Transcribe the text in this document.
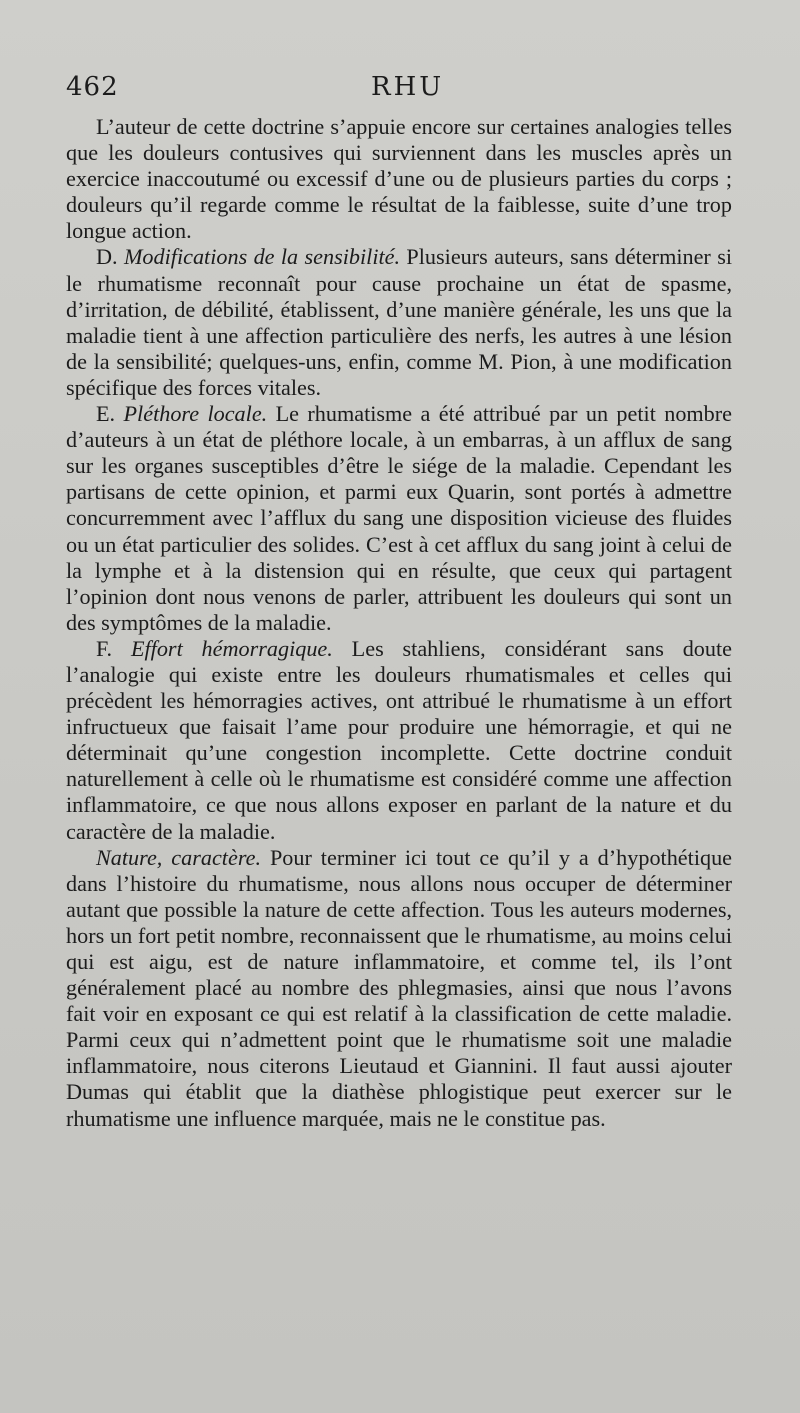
462	RHU

L’auteur de cette doctrine s’appuie encore sur certaines analogies telles que les douleurs contusives qui surviennent dans les muscles après un exercice inaccoutumé ou excessif d’une ou de plusieurs parties du corps ; douleurs qu’il regarde comme le résultat de la faiblesse, suite d’une trop longue action.

D. Modifications de la sensibilité. Plusieurs auteurs, sans déterminer si le rhumatisme reconnaît pour cause prochaine un état de spasme, d’irritation, de débilité, établissent, d’une manière générale, les uns que la maladie tient à une affection particulière des nerfs, les autres à une lésion de la sensibilité; quelques-uns, enfin, comme M. Pion, à une modification spécifique des forces vitales.

E. Pléthore locale. Le rhumatisme a été attribué par un petit nombre d’auteurs à un état de pléthore locale, à un embarras, à un afflux de sang sur les organes susceptibles d’être le siége de la maladie. Cependant les partisans de cette opinion, et parmi eux Quarin, sont portés à admettre concurremment avec l’afflux du sang une disposition vicieuse des fluides ou un état particulier des solides. C’est à cet afflux du sang joint à celui de la lymphe et à la distension qui en résulte, que ceux qui partagent l’opinion dont nous venons de parler, attribuent les douleurs qui sont un des symptômes de la maladie.

F. Effort hémorragique. Les stahliens, considérant sans doute l’analogie qui existe entre les douleurs rhumatismales et celles qui précèdent les hémorragies actives, ont attribué le rhumatisme à un effort infructueux que faisait l’ame pour produire une hémorragie, et qui ne déterminait qu’une congestion incomplette. Cette doctrine conduit naturellement à celle où le rhumatisme est considéré comme une affection inflammatoire, ce que nous allons exposer en parlant de la nature et du caractère de la maladie.

Nature, caractère. Pour terminer ici tout ce qu’il y a d’hypothétique dans l’histoire du rhumatisme, nous allons nous occuper de déterminer autant que possible la nature de cette affection. Tous les auteurs modernes, hors un fort petit nombre, reconnaissent que le rhumatisme, au moins celui qui est aigu, est de nature inflammatoire, et comme tel, ils l’ont généralement placé au nombre des phlegmasies, ainsi que nous l’avons fait voir en exposant ce qui est relatif à la classification de cette maladie. Parmi ceux qui n’admettent point que le rhumatisme soit une maladie inflammatoire, nous citerons Lieutaud et Giannini. Il faut aussi ajouter Dumas qui établit que la diathèse phlogistique peut exercer sur le rhumatisme une influence marquée, mais ne le constitue pas.
